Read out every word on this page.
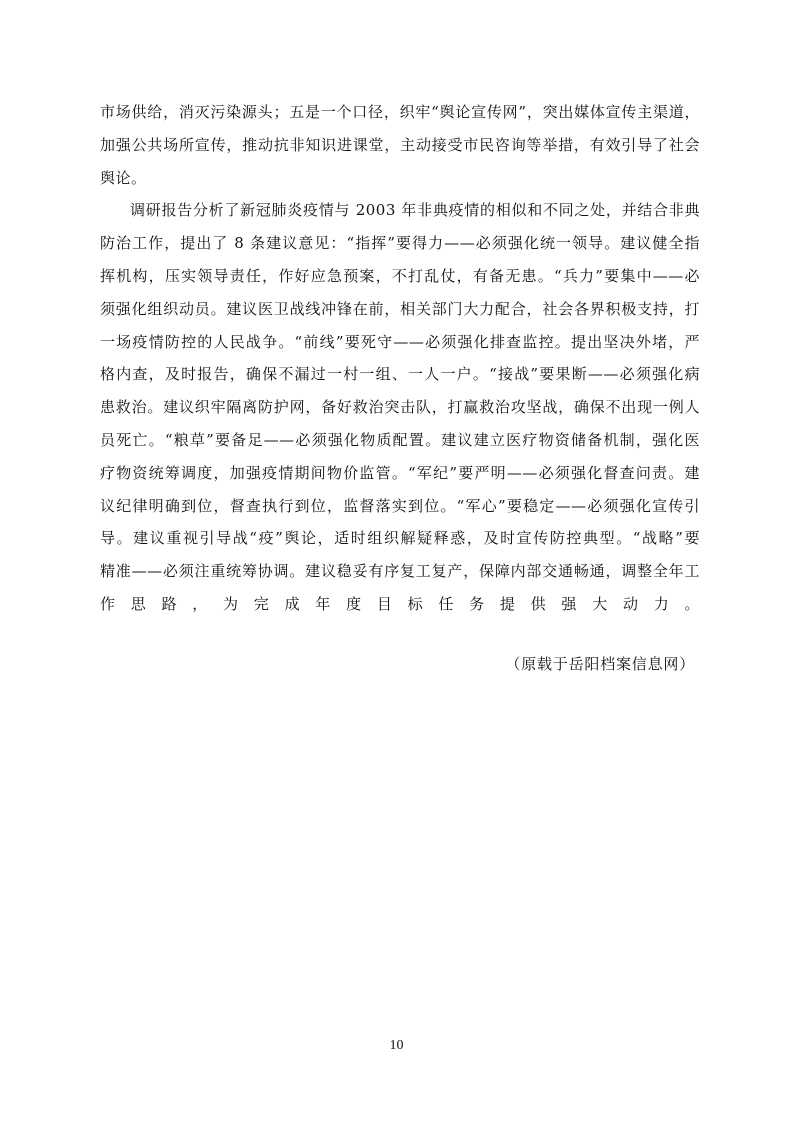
市场供给，消灭污染源头；五是一个口径，织牢“舆论宣传网”，突出媒体宣传主渠道，
加强公共场所宣传，推动抗非知识进课堂，主动接受市民咨询等举措，有效引导了社会
舆论。
调研报告分析了新冠肺炎疫情与 2003 年非典疫情的相似和不同之处，并结合非典
防治工作，提出了 8 条建议意见：“指挥”要得力——必须强化统一领导。建议健全指
挥机构，压实领导责任，作好应急预案，不打乱仗，有备无患。“兵力”要集中——必
须强化组织动员。建议医卫战线冲锋在前，相关部门大力配合，社会各界积极支持，打
一场疫情防控的人民战争。“前线”要死守——必须强化排查监控。提出坚决外堵，严
格内查，及时报告，确保不漏过一村一组、一人一户。“接战”要果断——必须强化病
患救治。建议织牢隔离防护网，备好救治突击队，打赢救治攻坚战，确保不出现一例人
员死亡。“粮草”要备足——必须强化物质配置。建议建立医疗物资储备机制，强化医
疗物资统筹调度，加强疫情期间物价监管。“军纪”要严明——必须强化督查问责。建
议纪律明确到位，督查执行到位，监督落实到位。“军心”要稳定——必须强化宣传引
导。建议重视引导战“疫”舆论，适时组织解疑释惑，及时宣传防控典型。“战略”要
精准——必须注重统筹协调。建议稳妥有序复工复产，保障内部交通畅通，调整全年工
作思路，为完成年度目标任务提供强大动力。
（原载于岳阳档案信息网）
10
